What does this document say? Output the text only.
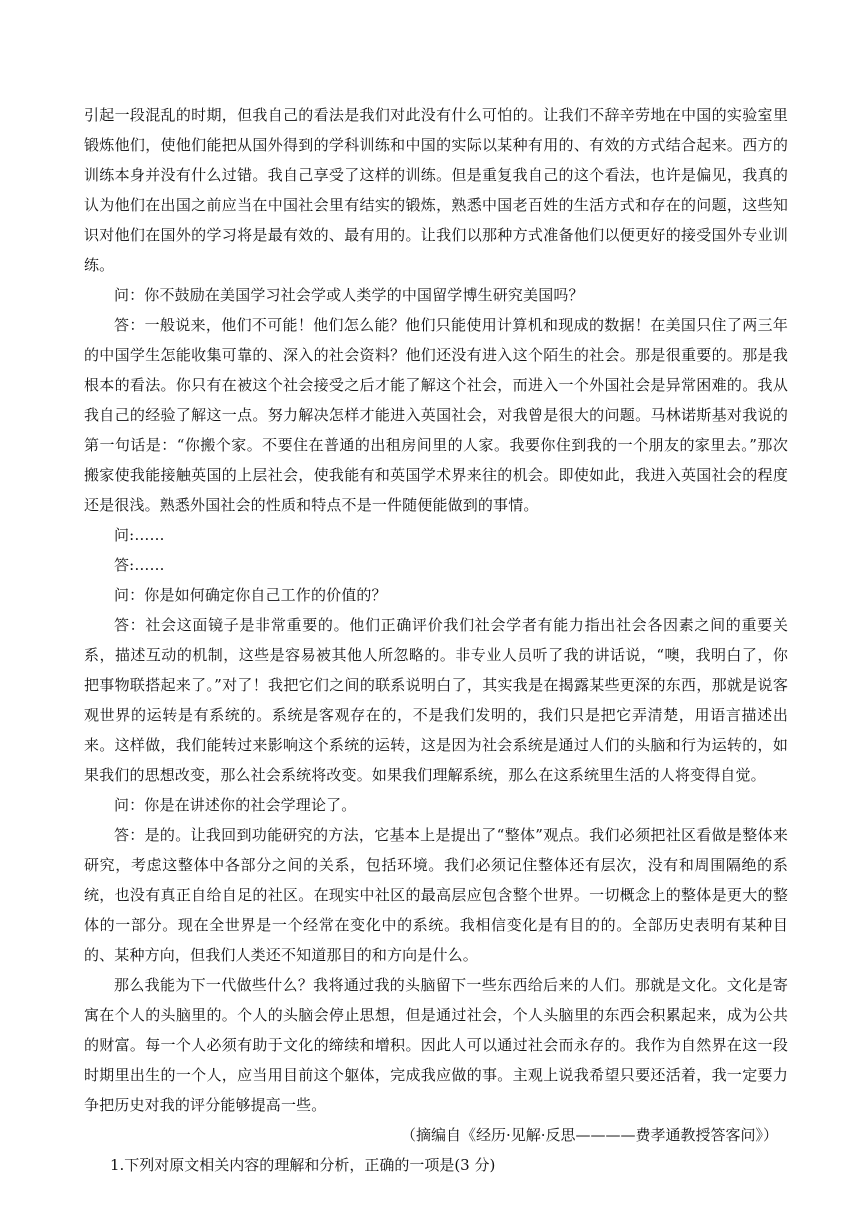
引起一段混乱的时期，但我自己的看法是我们对此没有什么可怕的。让我们不辞辛劳地在中国的实验室里锻炼他们，使他们能把从国外得到的学科训练和中国的实际以某种有用的、有效的方式结合起来。西方的训练本身并没有什么过错。我自己享受了这样的训练。但是重复我自己的这个看法，也许是偏见，我真的认为他们在出国之前应当在中国社会里有结实的锻炼，熟悉中国老百姓的生活方式和存在的问题，这些知识对他们在国外的学习将是最有效的、最有用的。让我们以那种方式准备他们以便更好的接受国外专业训练。

问：你不鼓励在美国学习社会学或人类学的中国留学博生研究美国吗？

答：一般说来，他们不可能！他们怎么能？他们只能使用计算机和现成的数据！在美国只住了两三年的中国学生怎能收集可靠的、深入的社会资料？他们还没有进入这个陌生的社会。那是很重要的。那是我根本的看法。你只有在被这个社会接受之后才能了解这个社会，而进入一个外国社会是异常困难的。我从我自己的经验了解这一点。努力解决怎样才能进入英国社会，对我曾是很大的问题。马林诺斯基对我说的第一句话是：“你搬个家。不要住在普通的出租房间里的人家。我要你住到我的一个朋友的家里去。”那次搬家使我能接触英国的上层社会，使我能有和英国学术界来往的机会。即使如此，我进入英国社会的程度还是很浅。熟悉外国社会的性质和特点不是一件随便能做到的事情。

问:……

答:……

问：你是如何确定你自己工作的价值的？

答：社会这面镜子是非常重要的。他们正确评价我们社会学者有能力指出社会各因素之间的重要关系，描述互动的机制，这些是容易被其他人所忽略的。非专业人员听了我的讲话说，“噢，我明白了，你把事物联搭起来了。”对了！我把它们之间的联系说明白了，其实我是在揭露某些更深的东西，那就是说客观世界的运转是有系统的。系统是客观存在的，不是我们发明的，我们只是把它弄清楚，用语言描述出来。这样做，我们能转过来影响这个系统的运转，这是因为社会系统是通过人们的头脑和行为运转的，如果我们的思想改变，那么社会系统将改变。如果我们理解系统，那么在这系统里生活的人将变得自觉。

问：你是在讲述你的社会学理论了。

答：是的。让我回到功能研究的方法，它基本上是提出了“整体”观点。我们必须把社区看做是整体来研究，考虑这整体中各部分之间的关系，包括环境。我们必须记住整体还有层次，没有和周围隔绝的系统，也没有真正自给自足的社区。在现实中社区的最高层应包含整个世界。一切概念上的整体是更大的整体的一部分。现在全世界是一个经常在变化中的系统。我相信变化是有目的的。全部历史表明有某种目的、某种方向，但我们人类还不知道那目的和方向是什么。

那么我能为下一代做些什么？我将通过我的头脑留下一些东西给后来的人们。那就是文化。文化是寄寓在个人的头脑里的。个人的头脑会停止思想，但是通过社会，个人头脑里的东西会积累起来，成为公共的财富。每一个人必须有助于文化的缔续和增积。因此人可以通过社会而永存的。我作为自然界在这一段时期里出生的一个人，应当用目前这个躯体，完成我应做的事。主观上说我希望只要还活着，我一定要力争把历史对我的评分能够提高一些。

（摘编自《经历·见解·反思————费孝通教授答客问》）

1.下列对原文相关内容的理解和分析，正确的一项是(3 分)
